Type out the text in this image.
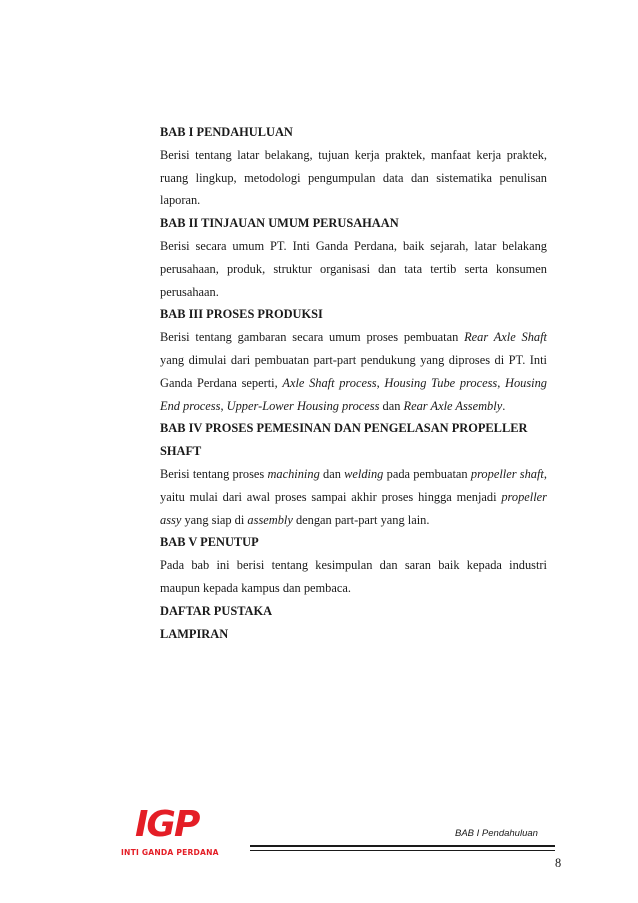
BAB I PENDAHULUAN

Berisi tentang latar belakang, tujuan kerja praktek, manfaat kerja praktek, ruang lingkup, metodologi pengumpulan data dan sistematika penulisan laporan.

BAB II TINJAUAN UMUM PERUSAHAAN

Berisi secara umum PT. Inti Ganda Perdana, baik sejarah, latar belakang perusahaan, produk, struktur organisasi dan tata tertib serta konsumen perusahaan.

BAB III PROSES PRODUKSI

Berisi tentang gambaran secara umum proses pembuatan Rear Axle Shaft yang dimulai dari pembuatan part-part pendukung yang diproses di PT. Inti Ganda Perdana seperti, Axle Shaft process, Housing Tube process, Housing End process, Upper-Lower Housing process dan Rear Axle Assembly.

BAB IV PROSES PEMESINAN DAN PENGELASAN PROPELLER SHAFT

Berisi tentang proses machining dan welding pada pembuatan propeller shaft, yaitu mulai dari awal proses sampai akhir proses hingga menjadi propeller assy yang siap di assembly dengan part-part yang lain.

BAB V PENUTUP

Pada bab ini berisi tentang kesimpulan dan saran baik kepada industri maupun kepada kampus dan pembaca.

DAFTAR PUSTAKA

LAMPIRAN

IGP
INTI GANDA PERDANA
BAB I Pendahuluan
8
